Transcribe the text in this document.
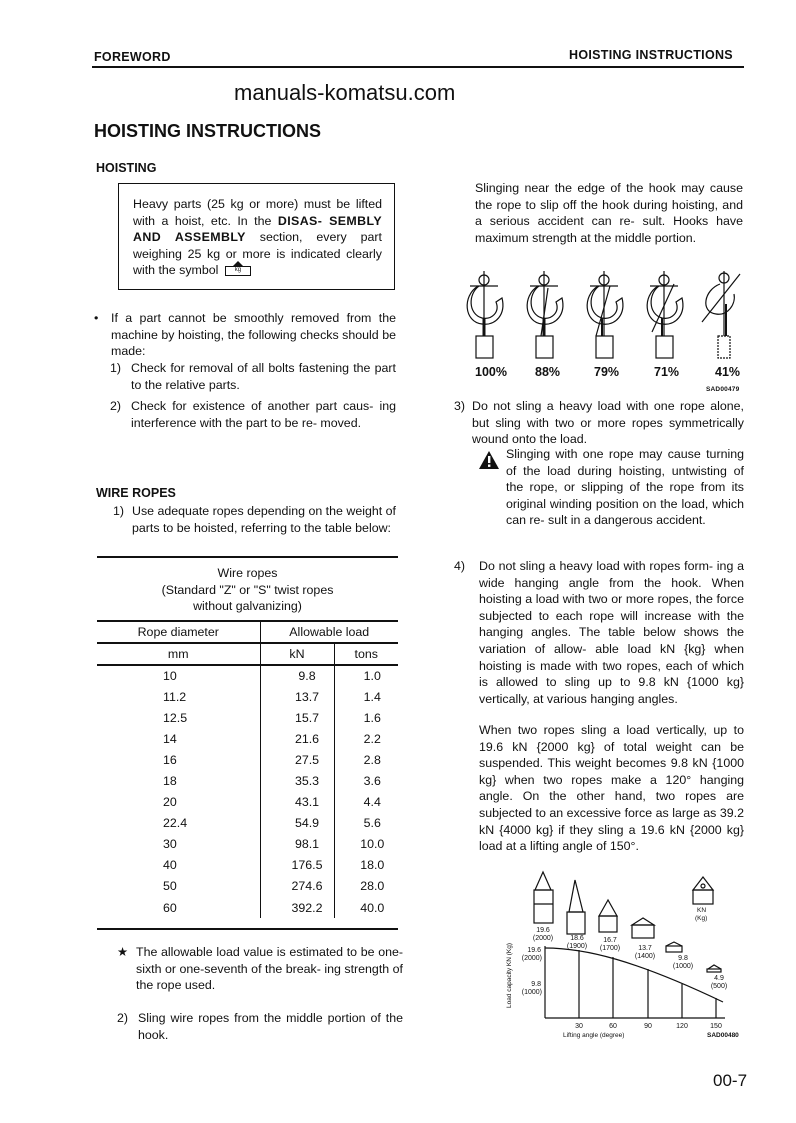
FOREWORD	HOISTING INSTRUCTIONS
manuals-komatsu.com
HOISTING INSTRUCTIONS
HOISTING

Heavy parts (25 kg or more) must be lifted with a hoist, etc. In the DISAS- SEMBLY AND ASSEMBLY section, every part weighing 25 kg or more is indicated clearly with the symbol	kg

•	If a part cannot be smoothly removed from the machine by hoisting, the following checks should be made:
1) Check for removal of all bolts fastening the part to the relative parts.
2) Check for existence of another part caus- ing interference with the part to be re- moved.
WIRE ROPES
1) Use adequate ropes depending on the weight of parts to be hoisted, referring to the table below:
Wire ropes
(Standard "Z" or "S" twist ropes
without galvanizing)
Rope diameter	Allowable load	
mm	kN	tons
10	9.8	1.0
11.2	13.7	1.4
12.5	15.7	1.6
14	21.6	2.2
16	27.5	2.8
18	35.3	3.6
20	43.1	4.4
22.4	54.9	5.6
30	98.1	10.0
40	176.5	18.0
50	274.6	28.0
60	392.2	40.0
★ The allowable load value is estimated to be one-sixth or one-seventh of the break- ing strength of the rope used.
2) Sling wire ropes from the middle portion of the hook.
Slinging near the edge of the hook may cause the rope to slip off the hook during hoisting, and a serious accident can re- sult. Hooks have maximum strength at the middle portion.
100% 88%	79%	71%	41%
SAD00479
3) Do not sling a heavy load with one rope alone, but sling with two or more ropes symmetrically wound onto the load.
Slinging with one rope may cause turning of the load during hoisting, untwisting of the rope, or slipping of the rope from its original winding position on the load, which can re- sult in a dangerous accident.
4)	Do not sling a heavy load with ropes form- ing a wide hanging angle from the hook. When hoisting a load with two or more ropes, the force subjected to each rope will increase with the hanging angles. The table below shows the variation of allow- able load kN {kg} when hoisting is made with two ropes, each of which is allowed to sling up to 9.8 kN {1000 kg} vertically, at various hanging angles.
When two ropes sling a load vertically, up to 19.6 kN {2000 kg} of total weight can be suspended. This weight becomes 9.8 kN {1000 kg} when two ropes make a 120° hanging angle. On the other hand, two ropes are subjected to an excessive force as large as 39.2 kN {4000 kg} if they sling a 19.6 kN {2000 kg} load at a lifting angle of 150°.
KN
(Kg)
19.6
(2000) 18.6
(1900)
16.7
(1700)	13.7
(1400)	9.8
(1000)
4.9
(500)
19.6
(2000)
9.8
(1000)
Load capacity KN (Kg)
30	60	90	120	150
Lifting angle (degree)	SAD00480
00-7
